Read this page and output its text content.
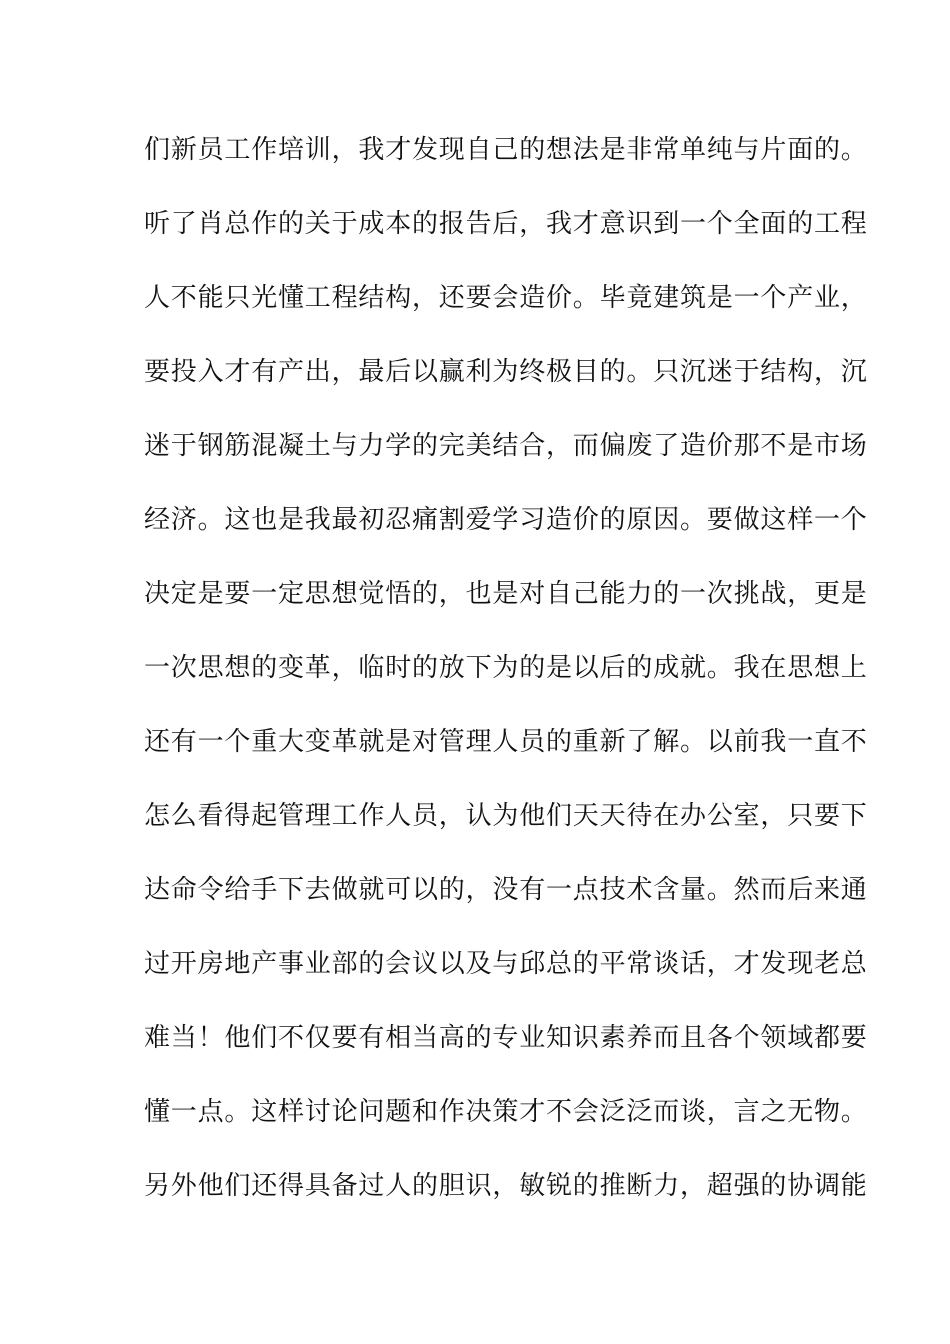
们新员工作培训，我才发现自己的想法是非常单纯与片面的。
听了肖总作的关于成本的报告后，我才意识到一个全面的工程
人不能只光懂工程结构，还要会造价。毕竟建筑是一个产业，
要投入才有产出，最后以赢利为终极目的。只沉迷于结构，沉
迷于钢筋混凝土与力学的完美结合，而偏废了造价那不是市场
经济。这也是我最初忍痛割爱学习造价的原因。要做这样一个
决定是要一定思想觉悟的，也是对自己能力的一次挑战，更是
一次思想的变革，临时的放下为的是以后的成就。我在思想上
还有一个重大变革就是对管理人员的重新了解。以前我一直不
怎么看得起管理工作人员，认为他们天天待在办公室，只要下
达命令给手下去做就可以的，没有一点技术含量。然而后来通
过开房地产事业部的会议以及与邱总的平常谈话，才发现老总
难当！他们不仅要有相当高的专业知识素养而且各个领域都要
懂一点。这样讨论问题和作决策才不会泛泛而谈，言之无物。
另外他们还得具备过人的胆识，敏锐的推断力，超强的协调能
